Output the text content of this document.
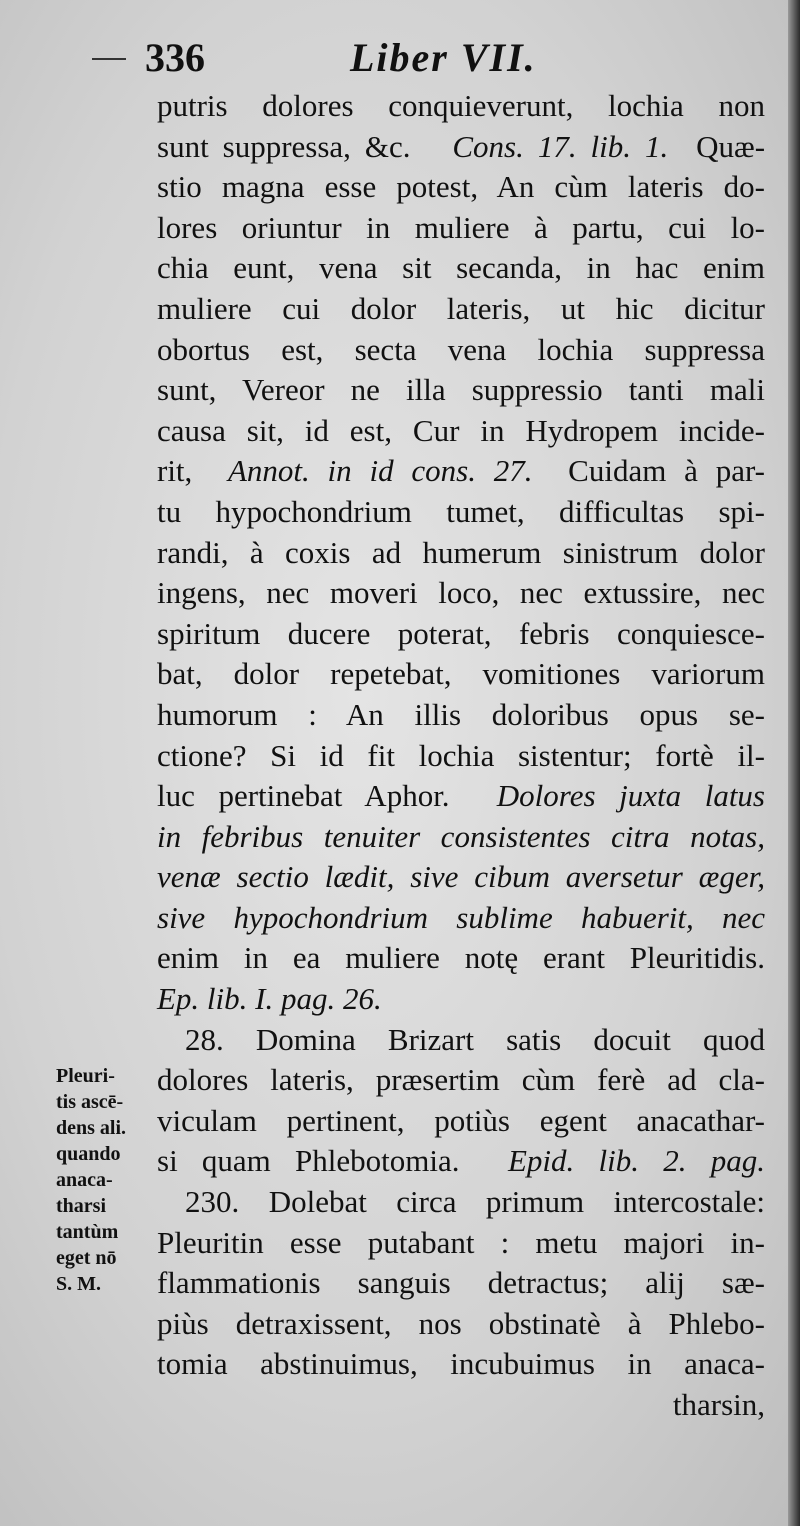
336	Liber VII.
putris dolores conquieverunt, lochia non
sunt suppressa, &c. Cons. 17. lib. 1. Quæ-
stio magna esse potest, An cùm lateris do-
lores oriuntur in muliere à partu, cui lo-
chia eunt, vena sit secanda, in hac enim
muliere cui dolor lateris, ut hic dicitur
obortus est, secta vena lochia suppressa
sunt, Vereor ne illa suppressio tanti mali
causa sit, id est, Cur in Hydropem incide-
rit, Annot. in id cons. 27. Cuidam à par-
tu hypochondrium tumet, difficultas spi-
randi, à coxis ad humerum sinistrum dolor
ingens, nec moveri loco, nec extussire, nec
spiritum ducere poterat, febris conquiesce-
bat, dolor repetebat, vomitiones variorum
humorum : An illis doloribus opus se-
ctione? Si id fit lochia sistentur; fortè il-
luc pertinebat Aphor. Dolores juxta latus
in febribus tenuiter consistentes citra notas,
venæ sectio lædit, sive cibum aversetur æger,
sive hypochondrium sublime habuerit, nec
enim in ea muliere notę erant Pleuritidis.
Ep. lib. I. pag. 26.
28. Domina Brizart satis docuit quod
dolores lateris, præsertim cùm ferè ad cla-
viculam pertinent, potiùs egent anacathar-
si quam Phlebotomia. Epid. lib. 2. pag.
230. Dolebat circa primum intercostale:
Pleuritin esse putabant : metu majori in-
flammationis sanguis detractus; alij sæ-
piùs detraxissent, nos obstinatè à Phlebo-
tomia abstinuimus, incubuimus in anaca-
tharsin,
Pleuri-
tis ascē-
dens ali.
quando
anaca-
tharsi
tantùm
eget nō
S. M.
